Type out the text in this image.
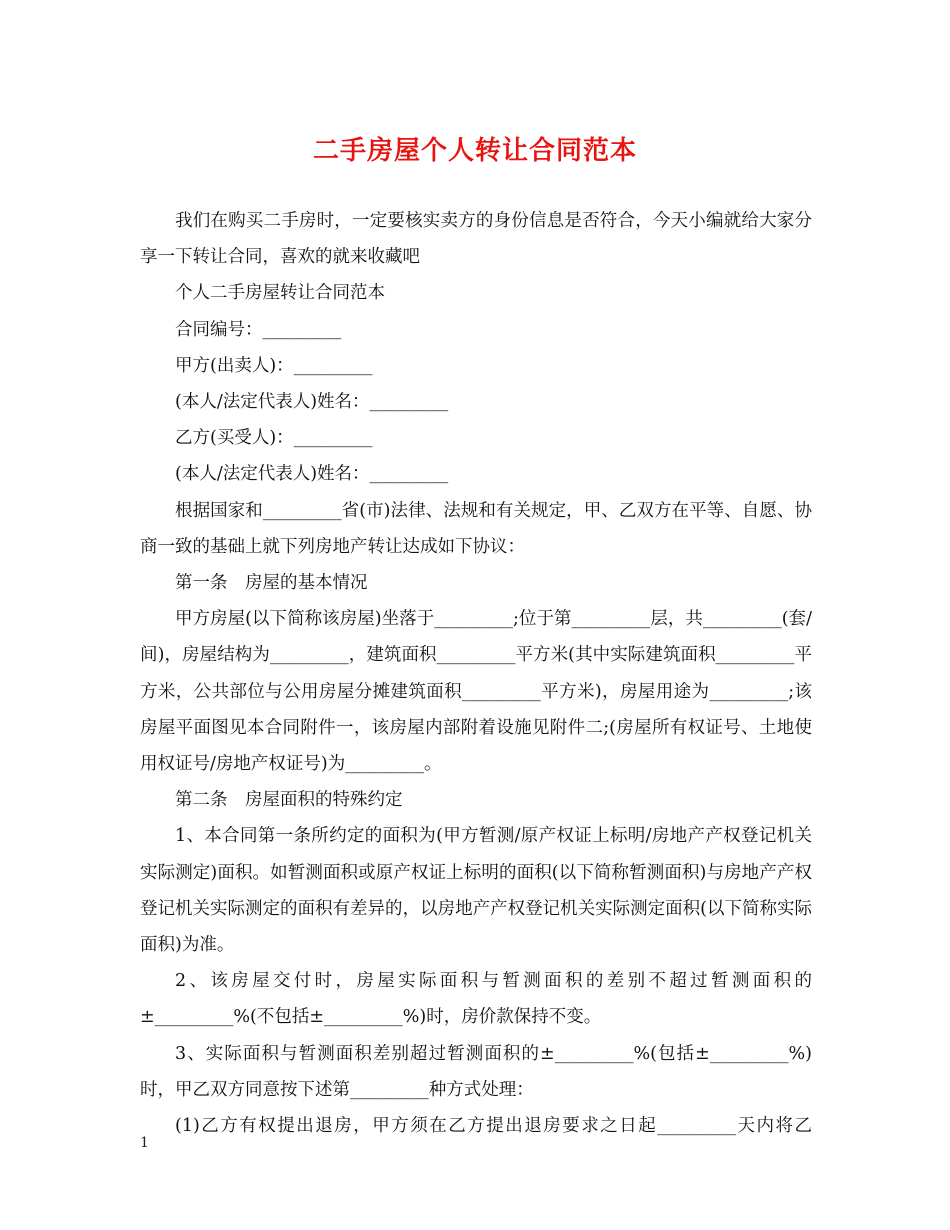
二手房屋个人转让合同范本

我们在购买二手房时，一定要核实卖方的身份信息是否符合，今天小编就给大家分享一下转让合同，喜欢的就来收藏吧

个人二手房屋转让合同范本

合同编号：_________

甲方(出卖人)：_________

(本人/法定代表人)姓名：_________

乙方(买受人)：_________

(本人/法定代表人)姓名：_________

根据国家和_________省(市)法律、法规和有关规定，甲、乙双方在平等、自愿、协商一致的基础上就下列房地产转让达成如下协议：

第一条　房屋的基本情况

甲方房屋(以下简称该房屋)坐落于_________;位于第_________层，共_________(套/间)，房屋结构为_________，建筑面积_________平方米(其中实际建筑面积_________平方米，公共部位与公用房屋分摊建筑面积_________平方米)，房屋用途为_________;该房屋平面图见本合同附件一，该房屋内部附着设施见附件二;(房屋所有权证号、土地使用权证号/房地产权证号)为_________。

第二条　房屋面积的特殊约定

1、本合同第一条所约定的面积为(甲方暂测/原产权证上标明/房地产产权登记机关实际测定)面积。如暂测面积或原产权证上标明的面积(以下简称暂测面积)与房地产产权登记机关实际测定的面积有差异的，以房地产产权登记机关实际测定面积(以下简称实际面积)为准。

2、该房屋交付时，房屋实际面积与暂测面积的差别不超过暂测面积的±_________%(不包括±_________%)时，房价款保持不变。

3、实际面积与暂测面积差别超过暂测面积的±_________%(包括±_________%)时，甲乙双方同意按下述第_________种方式处理：

(1)乙方有权提出退房，甲方须在乙方提出退房要求之日起_________天内将乙

1
